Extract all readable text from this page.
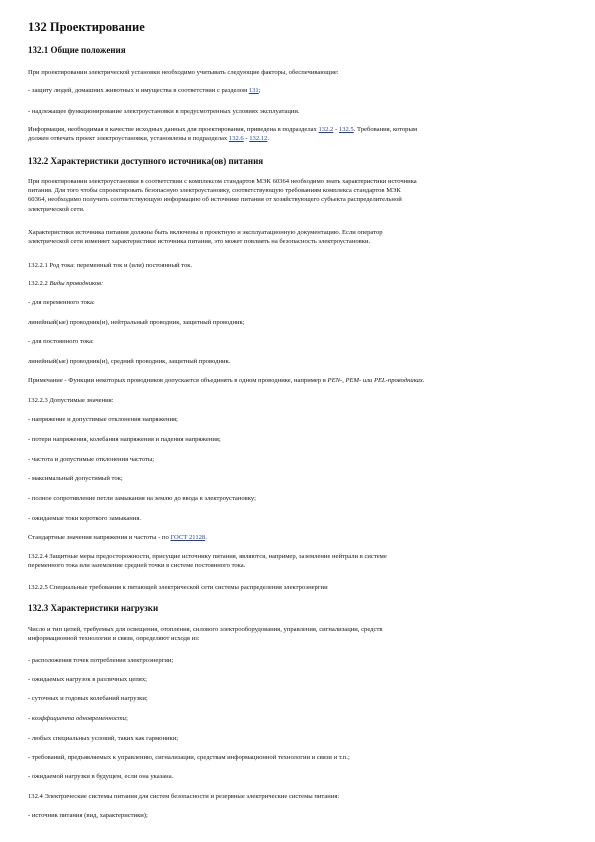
132 Проектирование
132.1 Общие положения
При проектировании электрической установки необходимо учитывать следующие факторы, обеспечивающие:
- защиту людей, домашних животных и имущества в соответствии с разделом 131;
- надлежащее функционирование электроустановки в предусмотренных условиях эксплуатации.
Информация, необходимая в качестве исходных данных для проектирования, приведена в подразделах 132.2 - 132.5. Требования, которым
должен отвечать проект электроустановки, установлены в подразделах 132.6 - 132.12.
132.2 Характеристики доступного источника(ов) питания
При проектировании электроустановки в соответствии с комплексом стандартов МЭК 60364 необходимо знать характеристики источника
питания. Для того чтобы спроектировать безопасную электроустановку, соответствующую требованиям комплекса стандартов МЭК
60364, необходимо получить соответствующую информацию об источнике питания от хозяйствующего субъекта распределительной
электрической сети.
Характеристики источника питания должны быть включены в проектную и эксплуатационную документацию. Если оператор
электрической сети изменяет характеристики источника питания, это может повлиять на безопасность электроустановки.
132.2.1 Род тока: переменный ток и (или) постоянный ток.
132.2.2 Виды проводников:
- для переменного тока:
линейный(ые) проводник(и), нейтральный проводник, защитный проводник;
- для постоянного тока:
линейный(ые) проводник(и), средний проводник, защитный проводник.
Примечание - Функции некоторых проводников допускается объединять в одном проводнике, например в PEN-, PEM- или PEL-проводниках.
132.2.3 Допустимые значения:
- напряжение и допустимые отклонения напряжения;
- потери напряжения, колебания напряжения и падения напряжения;
- частота и допустимые отклонения частоты;
- максимальный допустимый ток;
- полное сопротивление петли замыкания на землю до ввода в электроустановку;
- ожидаемые токи короткого замыкания.
Стандартные значения напряжения и частоты - по ГОСТ 21128.
132.2.4 Защитные меры предосторожности, присущие источнику питания, являются, например, заземление нейтрали в системе
переменного тока или заземление средней точки в системе постоянного тока.
132.2.5 Специальные требования к питающей электрической сети системы распределения электроэнергии
132.3 Характеристики нагрузки
Число и тип цепей, требуемых для освещения, отопления, силового электрооборудования, управления, сигнализации, средств
информационной технологии и связи, определяют исходя из:
- расположения точек потребления электроэнергии;
- ожидаемых нагрузок в различных цепях;
- суточных и годовых колебаний нагрузки;
- коэффициента одновременности;
- любых специальных условий, таких как гармоники;
- требований, предъявляемых к управлению, сигнализации, средствам информационной технологии и связи и т.п.;
- ожидаемой нагрузки в будущем, если она указана.
132.4 Электрические системы питания для систем безопасности и резервные электрические системы питания:
- источник питания (вид, характеристики);
